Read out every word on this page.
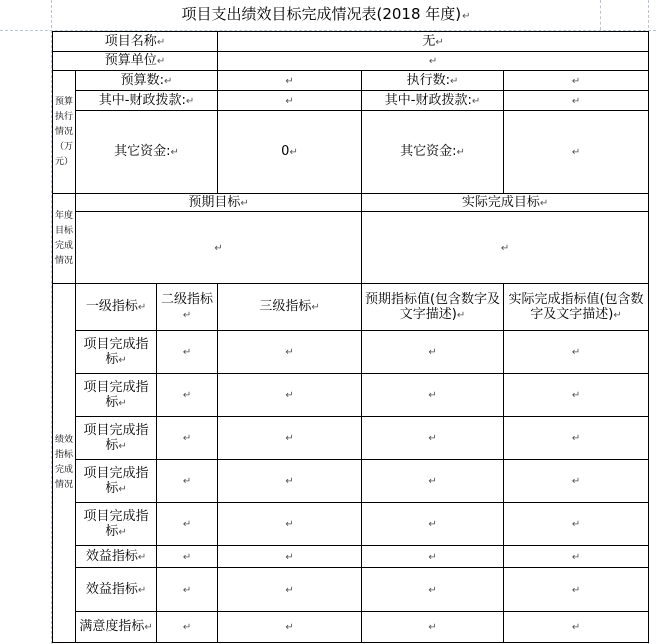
项目支出绩效目标完成情况表(2018 年度)↵
项目名称↵			无↵		
预算单位↵			↵		

预算
执行
情况
（万
元）	预算数:↵		↵	执行数:↵	↵
	其中-财政拨款:↵		↵	其中-财政拨款:↵	↵
	其它资金:↵		0↵	其它资金:↵	↵

年度
目标
完成
情况	预期目标↵			实际完成目标↵	
	↵			↵	

绩效
指标
完成
情况	一级指标↵	二级指标↵	三级指标↵	预期指标值(包含数字及文字描述)↵	实际完成指标值(包含数字及文字描述)↵
	项目完成指标↵	↵	↵	↵	↵
	项目完成指标↵	↵	↵	↵	↵
	项目完成指标↵	↵	↵	↵	↵
	项目完成指标↵	↵	↵	↵	↵
	项目完成指标↵	↵	↵	↵	↵
	效益指标↵	↵	↵	↵	↵
	效益指标↵	↵	↵	↵	↵
	满意度指标↵	↵	↵	↵	↵
